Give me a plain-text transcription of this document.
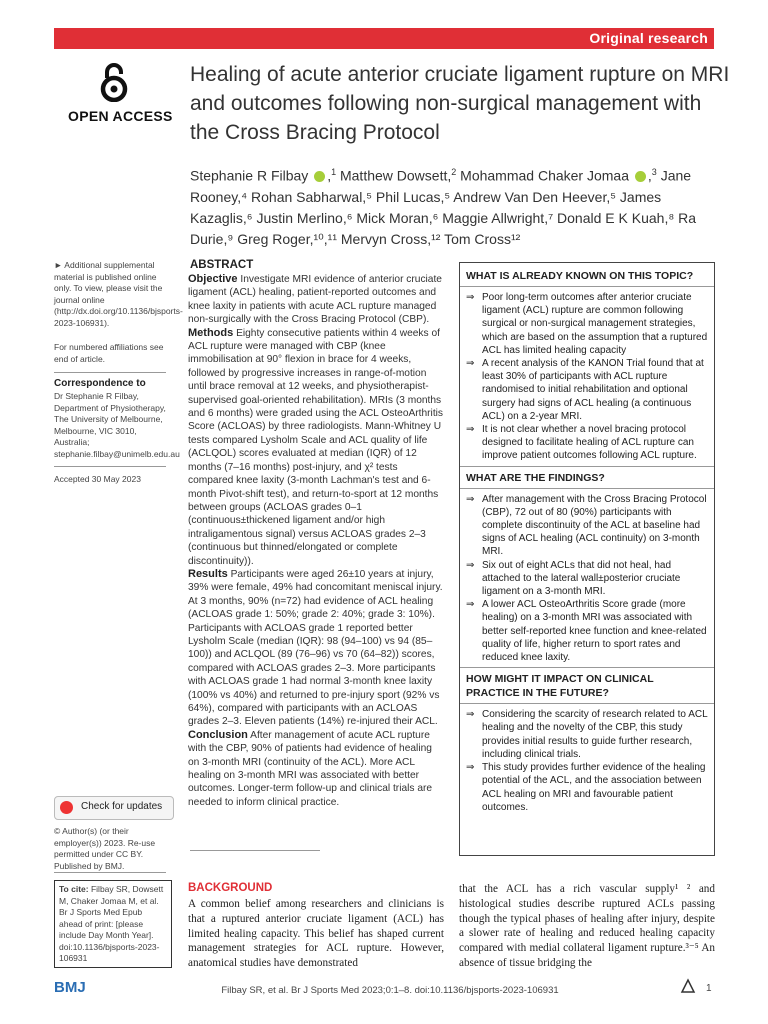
Original research
OPEN ACCESS
Healing of acute anterior cruciate ligament rupture on MRI and outcomes following non-surgical management with the Cross Bracing Protocol
Stephanie R Filbay ,$^1$ Matthew Dowsett,$^2$ Mohammad Chaker Jomaa ,$^3$ Jane Rooney,⁴ Rohan Sabharwal,⁵ Phil Lucas,⁵ Andrew Van Den Heever,⁵ James Kazaglis,⁶ Justin Merlino,⁶ Mick Moran,⁶ Maggie Allwright,⁷ Donald E K Kuah,⁸ Ra Durie,⁹ Greg Roger,¹⁰,¹¹ Mervyn Cross,¹² Tom Cross¹²
► Additional supplemental material is published online only. To view, please visit the journal online (http://dx.doi.org/10.1136/bjsports-2023-106931).
For numbered affiliations see end of article.
Correspondence to
Dr Stephanie R Filbay, Department of Physiotherapy, The University of Melbourne, Melbourne, VIC 3010, Australia; stephanie.filbay@unimelb.edu.au
Accepted 30 May 2023
Check for updates
© Author(s) (or their employer(s)) 2023. Re-use permitted under CC BY. Published by BMJ.
To cite: Filbay SR, Dowsett M, Chaker Jomaa M, et al. Br J Sports Med Epub ahead of print: [please include Day Month Year]. doi:10.1136/bjsports-2023-106931
ABSTRACT
Objective Investigate MRI evidence of anterior cruciate ligament (ACL) healing, patient-reported outcomes and knee laxity in patients with acute ACL rupture managed non-surgically with the Cross Bracing Protocol (CBP).
Methods Eighty consecutive patients within 4 weeks of ACL rupture were managed with CBP (knee immobilisation at 90° flexion in brace for 4 weeks, followed by progressive increases in range-of-motion until brace removal at 12 weeks, and physiotherapist-supervised goal-oriented rehabilitation). MRIs (3 months and 6 months) were graded using the ACL OsteoArthritis Score (ACLOAS) by three radiologists. Mann-Whitney U tests compared Lysholm Scale and ACL quality of life (ACLQOL) scores evaluated at median (IQR) of 12 months (7–16 months) post-injury, and χ² tests compared knee laxity (3-month Lachman's test and 6-month Pivot-shift test), and return-to-sport at 12 months between groups (ACLOAS grades 0–1 (continuous±thickened ligament and/or high intraligamentous signal) versus ACLOAS grades 2–3 (continuous but thinned/elongated or complete discontinuity)).
Results Participants were aged 26±10 years at injury, 39% were female, 49% had concomitant meniscal injury. At 3 months, 90% (n=72) had evidence of ACL healing (ACLOAS grade 1: 50%; grade 2: 40%; grade 3: 10%). Participants with ACLOAS grade 1 reported better Lysholm Scale (median (IQR): 98 (94–100) vs 94 (85–100)) and ACLQOL (89 (76–96) vs 70 (64–82)) scores, compared with ACLOAS grades 2–3. More participants with ACLOAS grade 1 had normal 3-month knee laxity (100% vs 40%) and returned to pre-injury sport (92% vs 64%), compared with participants with an ACLOAS grades 2–3. Eleven patients (14%) re-injured their ACL.
Conclusion After management of acute ACL rupture with the CBP, 90% of patients had evidence of healing on 3-month MRI (continuity of the ACL). More ACL healing on 3-month MRI was associated with better outcomes. Longer-term follow-up and clinical trials are needed to inform clinical practice.
WHAT IS ALREADY KNOWN ON THIS TOPIC?
⇒ Poor long-term outcomes after anterior cruciate ligament (ACL) rupture are common following surgical or non-surgical management strategies, which are based on the assumption that a ruptured ACL has limited healing capacity
⇒ A recent analysis of the KANON Trial found that at least 30% of participants with ACL rupture randomised to initial rehabilitation and optional surgery had signs of ACL healing (a continuous ACL) on a 2-year MRI.
⇒ It is not clear whether a novel bracing protocol designed to facilitate healing of ACL rupture can improve patient outcomes following ACL rupture.
WHAT ARE THE FINDINGS?
⇒ After management with the Cross Bracing Protocol (CBP), 72 out of 80 (90%) participants with complete discontinuity of the ACL at baseline had signs of ACL healing (ACL continuity) on 3-month MRI.
⇒ Six out of eight ACLs that did not heal, had attached to the lateral wall±posterior cruciate ligament on a 3-month MRI.
⇒ A lower ACL OsteoArthritis Score grade (more healing) on a 3-month MRI was associated with better self-reported knee function and knee-related quality of life, higher return to sport rates and reduced knee laxity.
HOW MIGHT IT IMPACT ON CLINICAL PRACTICE IN THE FUTURE?
⇒ Considering the scarcity of research related to ACL healing and the novelty of the CBP, this study provides initial results to guide further research, including clinical trials.
⇒ This study provides further evidence of the healing potential of the ACL, and the association between ACL healing on MRI and favourable patient outcomes.
BACKGROUND
A common belief among researchers and clinicians is that a ruptured anterior cruciate ligament (ACL) has limited healing capacity. This belief has shaped current management strategies for ACL rupture. However, anatomical studies have demonstrated
that the ACL has a rich vascular supply¹ ² and histological studies describe ruptured ACLs passing though the typical phases of healing after injury, despite a slower rate of healing and reduced healing capacity compared with medial collateral ligament rupture.³⁻⁵ An absence of tissue bridging the
BMJ	Filbay SR, et al. Br J Sports Med 2023;0:1–8. doi:10.1136/bjsports-2023-106931	1
